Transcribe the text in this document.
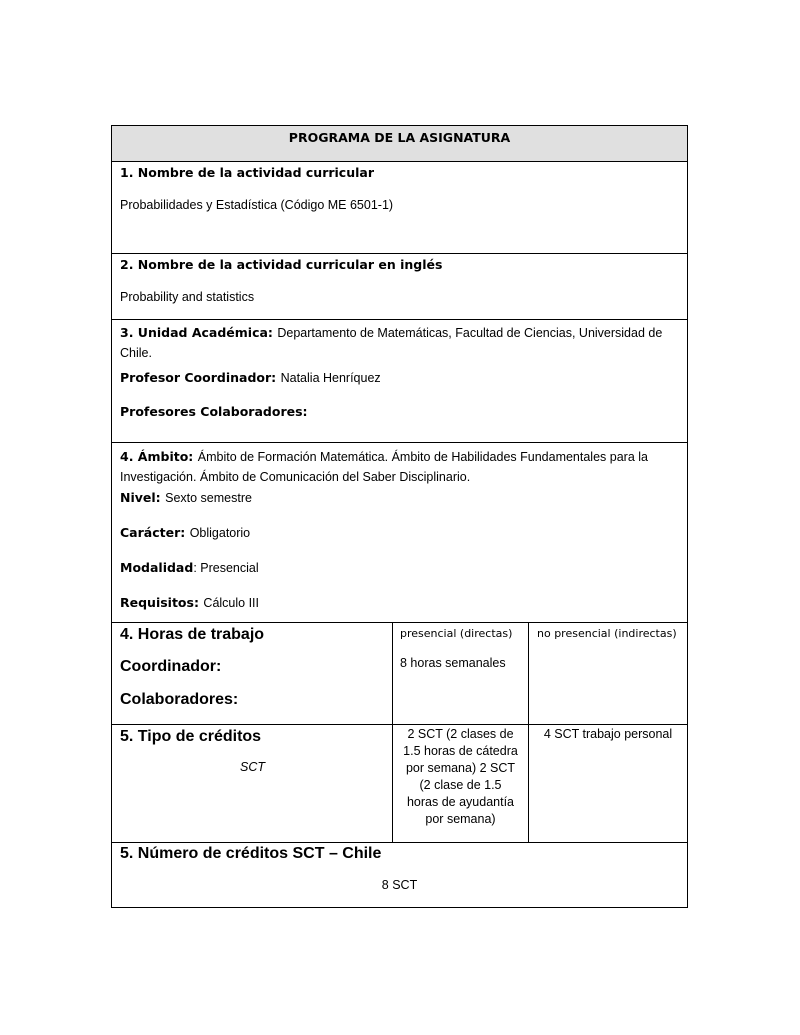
PROGRAMA DE LA ASIGNATURA
1. Nombre de la actividad curricular
Probabilidades y Estadística (Código ME 6501-1)
2. Nombre de la actividad curricular en inglés
Probability and statistics
3. Unidad Académica: Departamento de Matemáticas, Facultad de Ciencias, Universidad de Chile.
Profesor Coordinador: Natalia Henríquez
Profesores Colaboradores:
4. Ámbito: Ámbito de Formación Matemática. Ámbito de Habilidades Fundamentales para la Investigación. Ámbito de Comunicación del Saber Disciplinario.
Nivel: Sexto semestre
Carácter: Obligatorio
Modalidad: Presencial
Requisitos: Cálculo III
4. Horas de trabajo
Coordinador:
Colaboradores:
presencial (directas)
8 horas semanales
no presencial (indirectas)
5. Tipo de créditos
SCT
2 SCT (2 clases de
1.5 horas de cátedra
por semana) 2 SCT
(2 clase de 1.5
horas de ayudantía
por semana)
4 SCT trabajo personal
5. Número de créditos SCT – Chile
8 SCT
